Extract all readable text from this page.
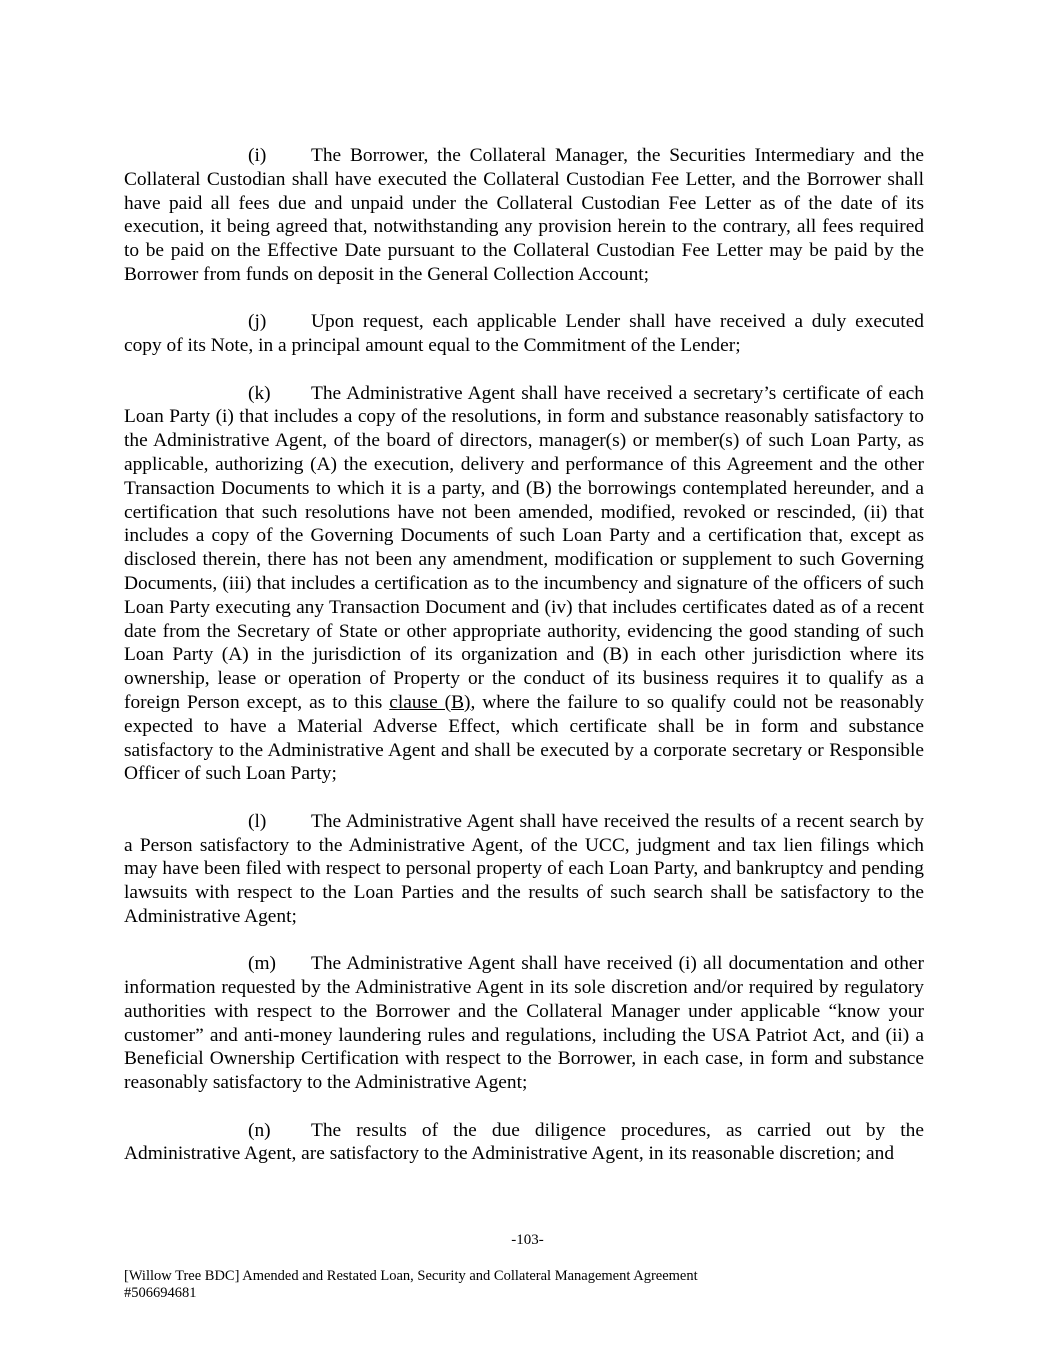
(i) The Borrower, the Collateral Manager, the Securities Intermediary and the Collateral Custodian shall have executed the Collateral Custodian Fee Letter, and the Borrower shall have paid all fees due and unpaid under the Collateral Custodian Fee Letter as of the date of its execution, it being agreed that, notwithstanding any provision herein to the contrary, all fees required to be paid on the Effective Date pursuant to the Collateral Custodian Fee Letter may be paid by the Borrower from funds on deposit in the General Collection Account;

(j) Upon request, each applicable Lender shall have received a duly executed copy of its Note, in a principal amount equal to the Commitment of the Lender;

(k) The Administrative Agent shall have received a secretary’s certificate of each Loan Party (i) that includes a copy of the resolutions, in form and substance reasonably satisfactory to the Administrative Agent, of the board of directors, manager(s) or member(s) of such Loan Party, as applicable, authorizing (A) the execution, delivery and performance of this Agreement and the other Transaction Documents to which it is a party, and (B) the borrowings contemplated hereunder, and a certification that such resolutions have not been amended, modified, revoked or rescinded, (ii) that includes a copy of the Governing Documents of such Loan Party and a certification that, except as disclosed therein, there has not been any amendment, modification or supplement to such Governing Documents, (iii) that includes a certification as to the incumbency and signature of the officers of such Loan Party executing any Transaction Document and (iv) that includes certificates dated as of a recent date from the Secretary of State or other appropriate authority, evidencing the good standing of such Loan Party (A) in the jurisdiction of its organization and (B) in each other jurisdiction where its ownership, lease or operation of Property or the conduct of its business requires it to qualify as a foreign Person except, as to this clause (B), where the failure to so qualify could not be reasonably expected to have a Material Adverse Effect, which certificate shall be in form and substance satisfactory to the Administrative Agent and shall be executed by a corporate secretary or Responsible Officer of such Loan Party;

(l) The Administrative Agent shall have received the results of a recent search by a Person satisfactory to the Administrative Agent, of the UCC, judgment and tax lien filings which may have been filed with respect to personal property of each Loan Party, and bankruptcy and pending lawsuits with respect to the Loan Parties and the results of such search shall be satisfactory to the Administrative Agent;

(m) The Administrative Agent shall have received (i) all documentation and other information requested by the Administrative Agent in its sole discretion and/or required by regulatory authorities with respect to the Borrower and the Collateral Manager under applicable “know your customer” and anti-money laundering rules and regulations, including the USA Patriot Act, and (ii) a Beneficial Ownership Certification with respect to the Borrower, in each case, in form and substance reasonably satisfactory to the Administrative Agent;

(n) The results of the due diligence procedures, as carried out by the Administrative Agent, are satisfactory to the Administrative Agent, in its reasonable discretion; and

-103-
[Willow Tree BDC] Amended and Restated Loan, Security and Collateral Management Agreement
#506694681
